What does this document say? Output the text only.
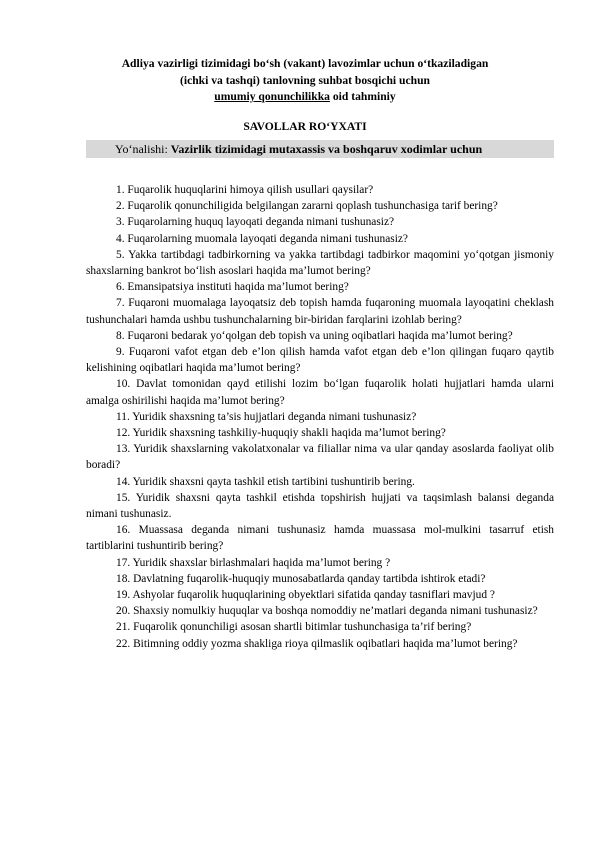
Adliya vazirligi tizimidagi bo‘sh (vakant) lavozimlar uchun o‘tkaziladigan
(ichki va tashqi) tanlovning suhbat bosqichi uchun
umumiy qonunchilikka oid tahminiy
SAVOLLAR RO‘YXATI
Yo‘nalishi: Vazirlik tizimidagi mutaxassis va boshqaruv xodimlar uchun

1. Fuqarolik huquqlarini himoya qilish usullari qaysilar?

2. Fuqarolik qonunchiligida belgilangan zararni qoplash tushunchasiga tarif bering?

3. Fuqarolarning huquq layoqati deganda nimani tushunasiz?

4. Fuqarolarning muomala layoqati deganda nimani tushunasiz?

5. Yakka tartibdagi tadbirkorning va yakka tartibdagi tadbirkor maqomini yo‘qotgan jismoniy shaxslarning bankrot bo‘lish asoslari haqida ma’lumot bering?

6. Emansipatsiya instituti haqida ma’lumot bering?

7. Fuqaroni muomalaga layoqatsiz deb topish hamda fuqaroning muomala layoqatini cheklash tushunchalari hamda ushbu tushunchalarning bir-biridan farqlarini izohlab bering?

8. Fuqaroni bedarak yo‘qolgan deb topish va uning oqibatlari haqida ma’lumot bering?

9. Fuqaroni vafot etgan deb e’lon qilish hamda vafot etgan deb e’lon qilingan fuqaro qaytib kelishining oqibatlari haqida ma’lumot bering?

10. Davlat tomonidan qayd etilishi lozim bo‘lgan fuqarolik holati hujjatlari hamda ularni amalga oshirilishi haqida ma’lumot bering?

11. Yuridik shaxsning ta’sis hujjatlari deganda nimani tushunasiz?

12. Yuridik shaxsning tashkiliy-huquqiy shakli haqida ma’lumot bering?

13. Yuridik shaxslarning vakolatxonalar va filiallar nima va ular qanday asoslarda faoliyat olib boradi?

14. Yuridik shaxsni qayta tashkil etish tartibini tushuntirib bering.

15. Yuridik shaxsni qayta tashkil etishda topshirish hujjati va taqsimlash balansi deganda nimani tushunasiz.

16. Muassasa deganda nimani tushunasiz hamda muassasa mol-mulkini tasarruf etish tartiblarini tushuntirib bering?

17. Yuridik shaxslar birlashmalari haqida ma’lumot bering ?

18. Davlatning fuqarolik-huquqiy munosabatlarda qanday tartibda ishtirok etadi?

19. Ashyolar fuqarolik huquqlarining obyektlari sifatida qanday tasniflari mavjud ?

20. Shaxsiy nomulkiy huquqlar va boshqa nomoddiy ne’matlari deganda nimani tushunasiz?

21. Fuqarolik qonunchiligi asosan shartli bitimlar tushunchasiga ta’rif bering?

22. Bitimning oddiy yozma shakliga rioya qilmaslik oqibatlari haqida ma’lumot bering?
